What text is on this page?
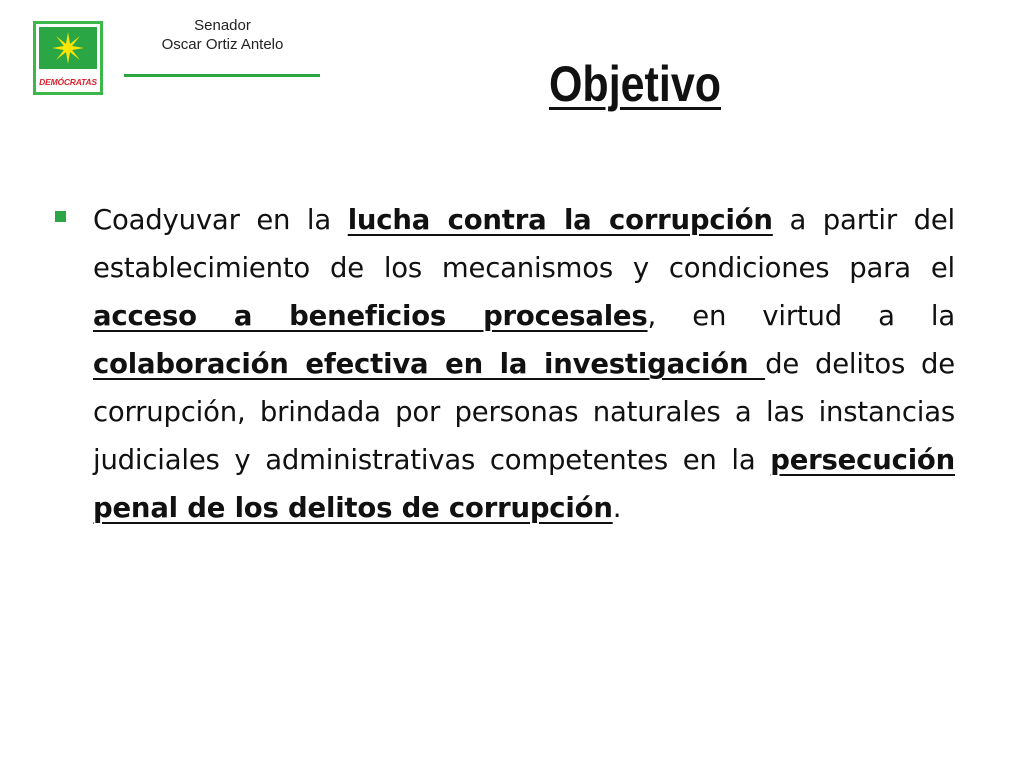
DEMÓCRATAS
Senador
Oscar Ortiz Antelo
Objetivo
Coadyuvar en la lucha contra la corrupción a partir del establecimiento de los mecanismos y condiciones para el acceso a beneficios procesales, en virtud a la colaboración efectiva en la investigación de delitos de corrupción, brindada por personas naturales a las instancias judiciales y administrativas competentes en la persecución penal de los delitos de corrupción.
